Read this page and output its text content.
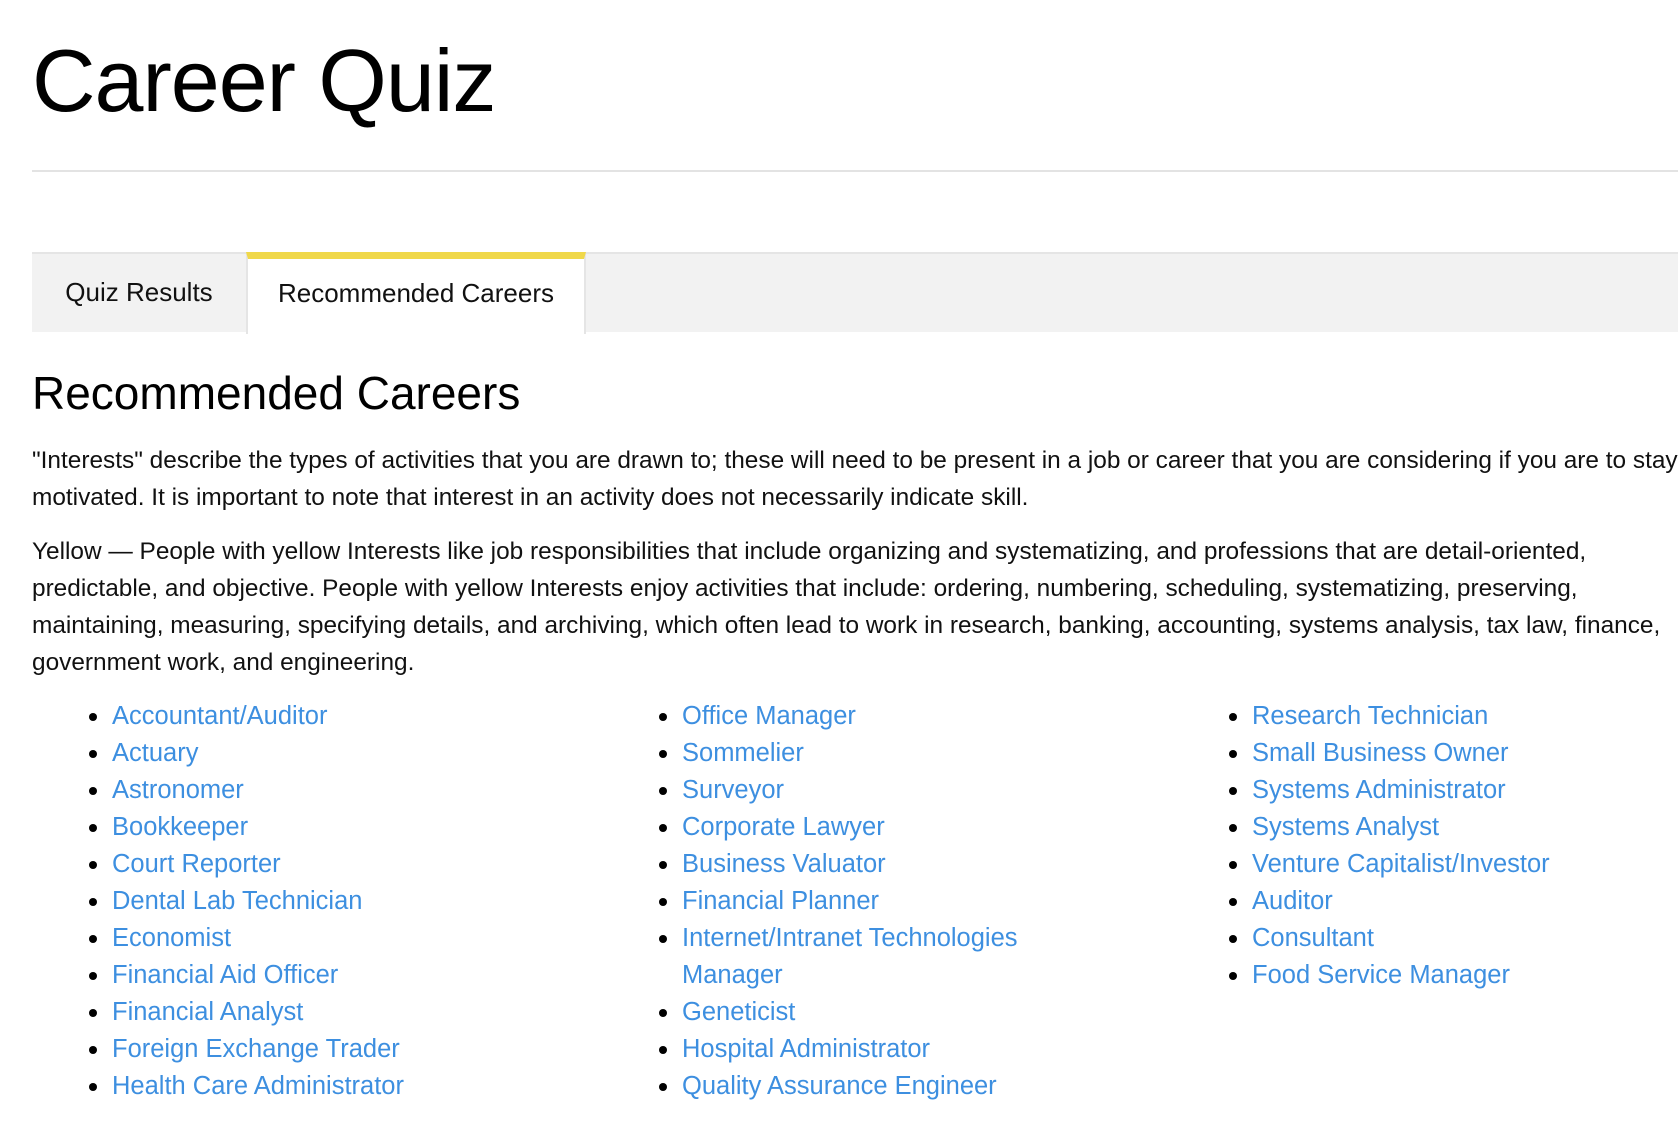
Career Quiz
Quiz Results	Recommended Careers
Recommended Careers

"Interests" describe the types of activities that you are drawn to; these will need to be present in a job or career that you are considering if you are to stay motivated. It is important to note that interest in an activity does not necessarily indicate skill.

Yellow — People with yellow Interests like job responsibilities that include organizing and systematizing, and professions that are detail-oriented, predictable, and objective. People with yellow Interests enjoy activities that include: ordering, numbering, scheduling, systematizing, preserving, maintaining, measuring, specifying details, and archiving, which often lead to work in research, banking, accounting, systems analysis, tax law, finance, government work, and engineering.

Accountant/Auditor
Actuary
Astronomer
Bookkeeper
Court Reporter
Dental Lab Technician
Economist
Financial Aid Officer
Financial Analyst
Foreign Exchange Trader
Health Care Administrator
Office Manager
Sommelier
Surveyor
Corporate Lawyer
Business Valuator
Financial Planner
Internet/Intranet Technologies Manager
Geneticist
Hospital Administrator
Quality Assurance Engineer
Research Technician
Small Business Owner
Systems Administrator
Systems Analyst
Venture Capitalist/Investor
Auditor
Consultant
Food Service Manager
